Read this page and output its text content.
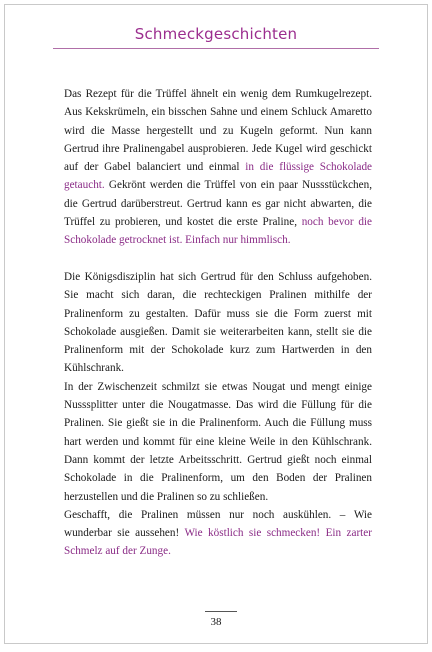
Schmeckgeschichten

Das Rezept für die Trüffel ähnelt ein wenig dem Rumkugelrezept. Aus Kekskrümeln, ein bisschen Sahne und einem Schluck Amaretto wird die Masse hergestellt und zu Kugeln geformt. Nun kann Gertrud ihre Pralinengabel ausprobieren. Jede Kugel wird geschickt auf der Gabel balanciert und einmal in die flüssige Schokolade getaucht. Gekrönt werden die Trüffel von ein paar Nussstückchen, die Gertrud darüberstreut. Gertrud kann es gar nicht abwarten, die Trüffel zu probieren, und kostet die erste Praline, noch bevor die Schokolade getrocknet ist. Einfach nur himmlisch.

Die Königsdisziplin hat sich Gertrud für den Schluss aufgehoben. Sie macht sich daran, die rechteckigen Pralinen mithilfe der Pralinenform zu gestalten. Dafür muss sie die Form zuerst mit Schokolade ausgießen. Damit sie weiterarbeiten kann, stellt sie die Pralinenform mit der Schokolade kurz zum Hartwerden in den Kühlschrank.

In der Zwischenzeit schmilzt sie etwas Nougat und mengt einige Nusssplitter unter die Nougatmasse. Das wird die Füllung für die Pralinen. Sie gießt sie in die Pralinenform. Auch die Füllung muss hart werden und kommt für eine kleine Weile in den Kühlschrank. Dann kommt der letzte Arbeitsschritt. Gertrud gießt noch einmal Schokolade in die Pralinenform, um den Boden der Pralinen herzustellen und die Pralinen so zu schließen.

Geschafft, die Pralinen müssen nur noch auskühlen. – Wie wunderbar sie aussehen! Wie köstlich sie schmecken! Ein zarter Schmelz auf der Zunge.

38
